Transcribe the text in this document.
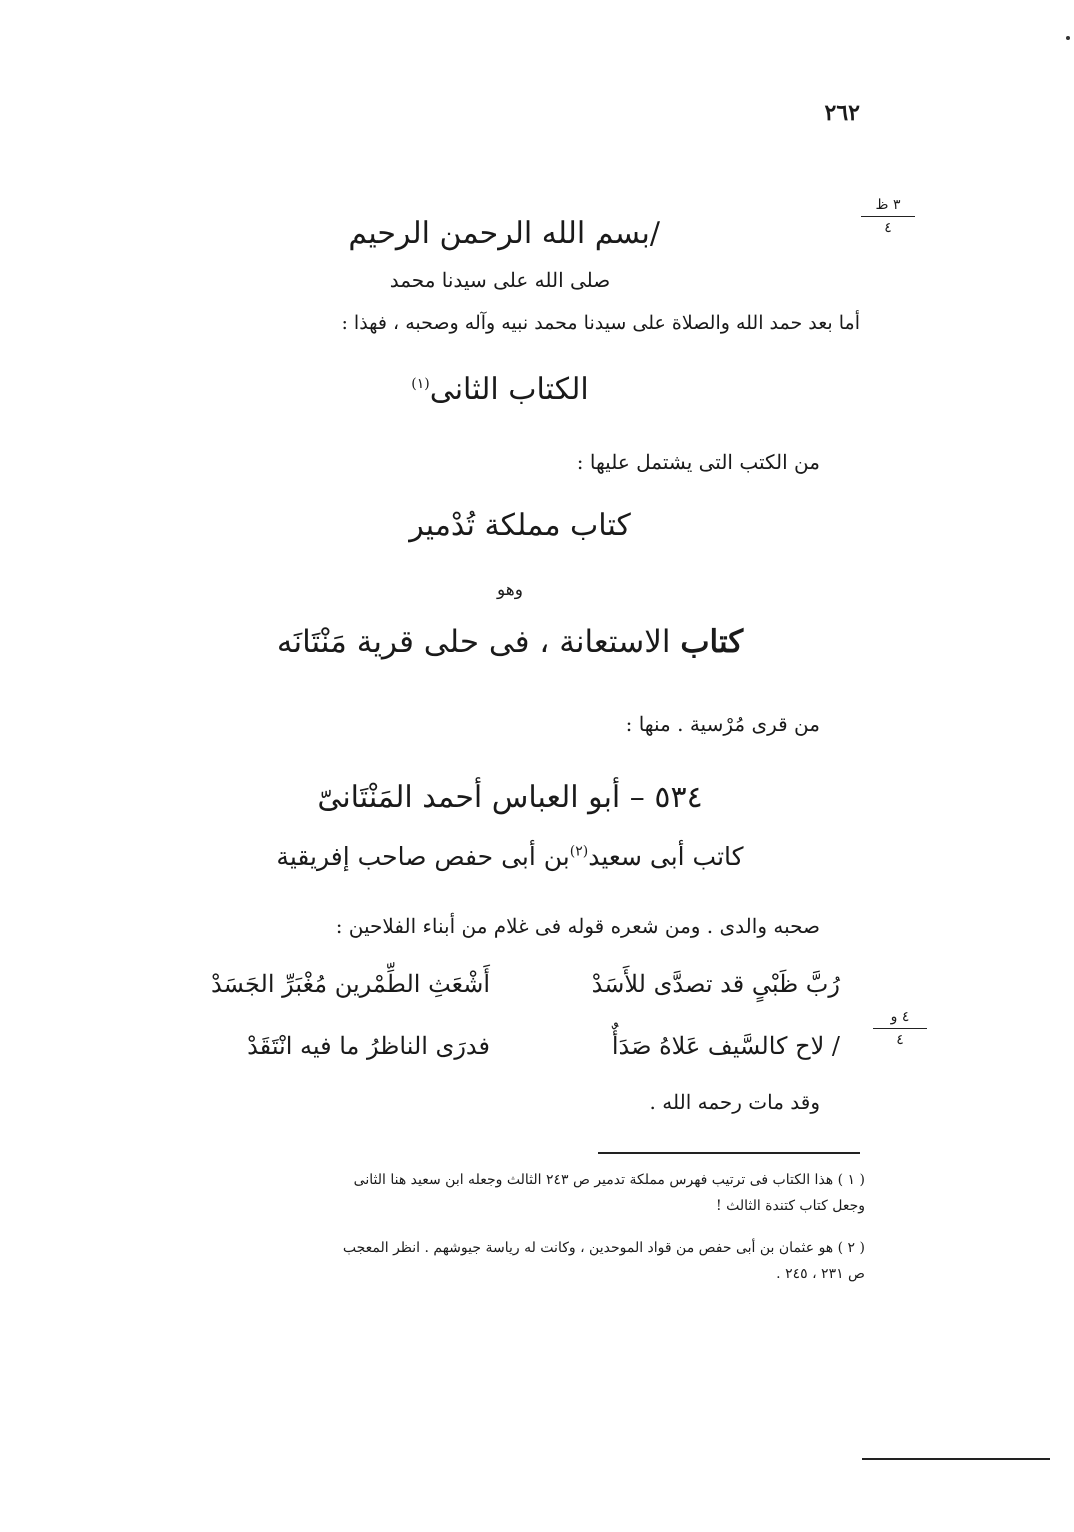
٢٦٢
٣ ظ
٤
/بسم الله الرحمن الرحيم
صلى الله على سيدنا محمد
أما بعد حمد الله والصلاة على سيدنا محمد نبيه وآله وصحبه ، فهذا :
الكتاب الثانى$^{(١)}$
من الكتب التى يشتمل عليها :
كتاب مملكة تُدْمير
وهو
كتاب الاستعانة ، فى حلى قرية مَنْتَانَه
من قرى مُرْسية . منها :
٥٣٤ – أبو العباس أحمد المَنْتَانىّ
كاتب أبى سعيد$^{(٢)}$بن أبى حفص صاحب إفريقية
صحبه والدى . ومن شعره قوله فى غلام من أبناء الفلاحين :
رُبَّ ظَبْىٍ قد تصدَّى للأَسَدْ
أَشْعَثِ الطِّمْرين مُغْبَرِّ الجَسَدْ
٤ و
٤
/ لاح كالسَّيف عَلاهُ صَدَأٌ
فدرَى الناظرُ ما فيه انْتَقَدْ
وقد مات رحمه الله .
( ١ ) هذا الكتاب فى ترتيب فهرس مملكة تدمير ص ٢٤٣ الثالث وجعله ابن سعيد هنا الثانى
وجعل كتاب كتندة الثالث !
( ٢ ) هو عثمان بن أبى حفص من قواد الموحدين ، وكانت له رياسة جيوشهم . انظر المعجب
ص ٢٣١ ، ٢٤٥ .
